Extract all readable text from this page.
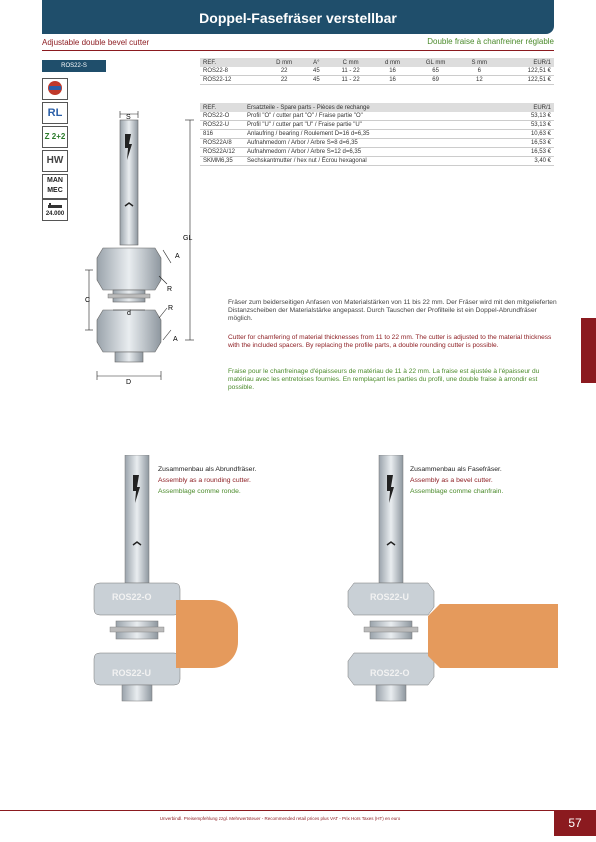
Doppel-Fasefräser verstellbar
Adjustable double bevel cutter	Double fraise à chanfreiner réglable
ROS22-S
RL
Z 2+2
HW
MAN MEC
24.000
S
GL
A
R
R
A
C
d
D
REF.	D mm	A°	C mm	d mm	GL mm	S mm	EUR/1
ROS22-8	22	45	11 - 22	16	65	6	122,51 €
ROS22-12	22	45	11 - 22	16	69	12	122,51 €
REF.	Ersatzteile - Spare parts - Pièces de rechange	EUR/1
ROS22-O	Profil "O" / cutter part "O" / Fraise partie "O"	53,13 €
ROS22-U	Profil "U" / cutter part "U" / Fraise partie "U"	53,13 €
816	Anlaufring / bearing / Roulement D=16 d=6,35	10,63 €
ROS22A/8	Aufnahmedorn / Arbor / Arbre S=8 d=6,35	16,53 €
ROS22A/12	Aufnahmedorn / Arbor / Arbre S=12 d=6,35	16,53 €
SKMM6,35	Sechskantmutter / hex nut / Écrou hexagonal	3,40 €
Fräser zum beiderseitigen Anfasen von Materialstärken von 11 bis 22 mm. Der Fräser wird mit den mitgelieferten Distanzscheiben der Materialstärke angepasst. Durch Tauschen der Profilteile ist ein Doppel-Abrundfräser möglich.
Cutter for chamfering of material thicknesses from 11 to 22 mm. The cutter is adjusted to the material thickness with the included spacers. By replacing the profile parts, a double rounding cutter is possible.
Fraise pour le chanfreinage d'épaisseurs de matériau de 11 à 22 mm. La fraise est ajustée à l'épaisseur du matériau avec les entretoises fournies. En remplaçant les parties du profil, une double fraise à arrondir est possible.
ROS22-O
ROS22-U
Zusammenbau als Abrundfräser.
Assembly as a rounding cutter.
Assemblage comme ronde.
ROS22-U
ROS22-O
Zusammenbau als Fasefräser.
Assembly as a bevel cutter.
Assemblage comme chanfrain.
Unverbindl. Preisempfehlung zzgl. Mehrwertsteuer - Recommended retail prices plus VAT - Prix Hors Taxes (HT) en euro	57
